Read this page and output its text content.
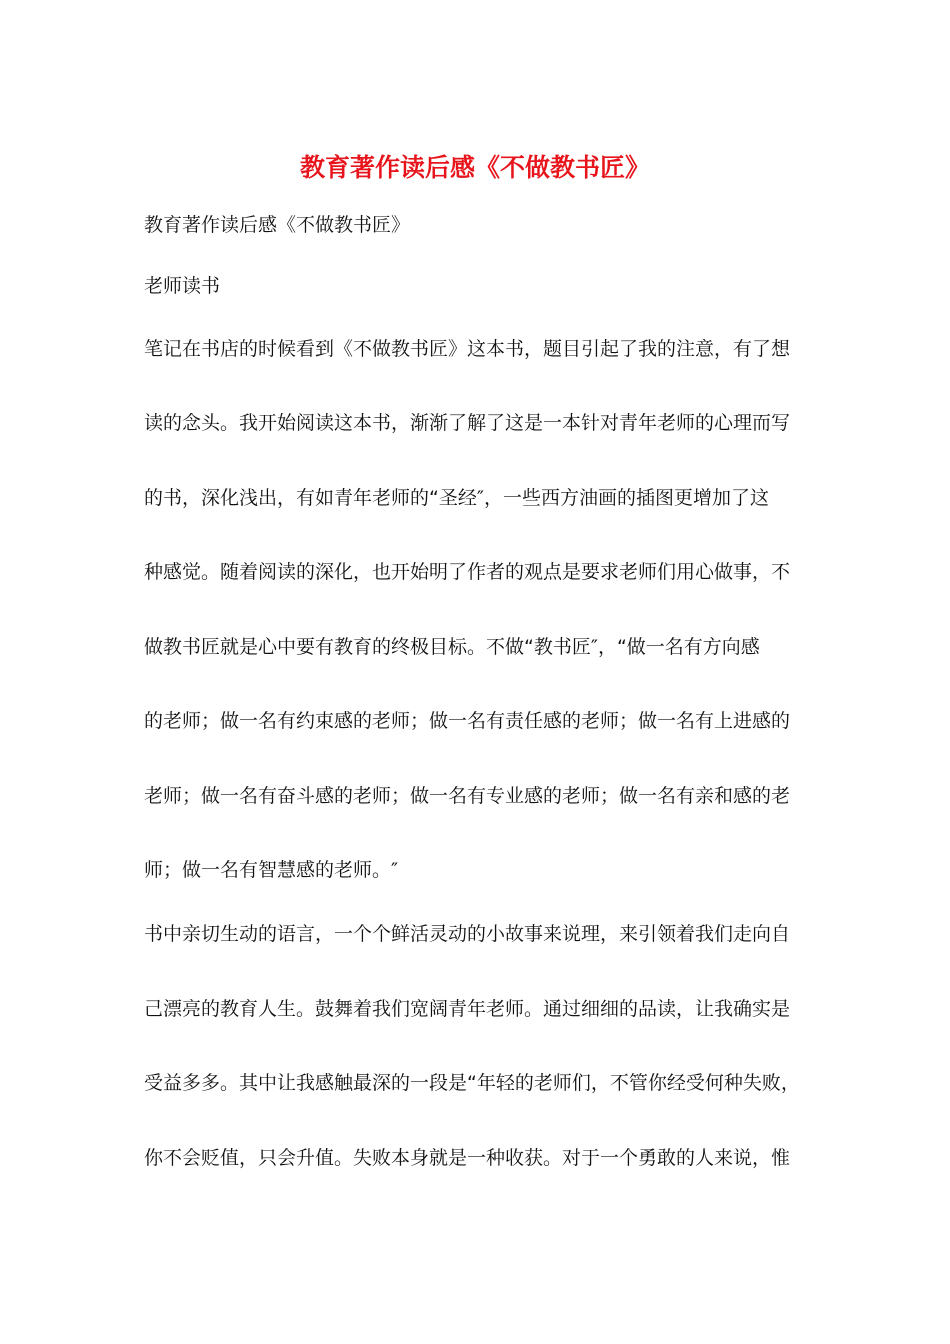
教育著作读后感《不做教书匠》
教育著作读后感《不做教书匠》
老师读书
笔记在书店的时候看到《不做教书匠》这本书，题目引起了我的注意，有了想
读的念头。我开始阅读这本书，渐渐了解了这是一本针对青年老师的心理而写
的书，深化浅出，有如青年老师的“圣经″，一些西方油画的插图更增加了这
种感觉。随着阅读的深化，也开始明了作者的观点是要求老师们用心做事，不
做教书匠就是心中要有教育的终极目标。不做“教书匠″，“做一名有方向感
的老师；做一名有约束感的老师；做一名有责任感的老师；做一名有上进感的
老师；做一名有奋斗感的老师；做一名有专业感的老师；做一名有亲和感的老
师；做一名有智慧感的老师。″
书中亲切生动的语言，一个个鲜活灵动的小故事来说理，来引领着我们走向自
己漂亮的教育人生。鼓舞着我们宽阔青年老师。通过细细的品读，让我确实是
受益多多。其中让我感触最深的一段是“年轻的老师们，不管你经受何种失败，
你不会贬值，只会升值。失败本身就是一种收获。对于一个勇敢的人来说，惟
